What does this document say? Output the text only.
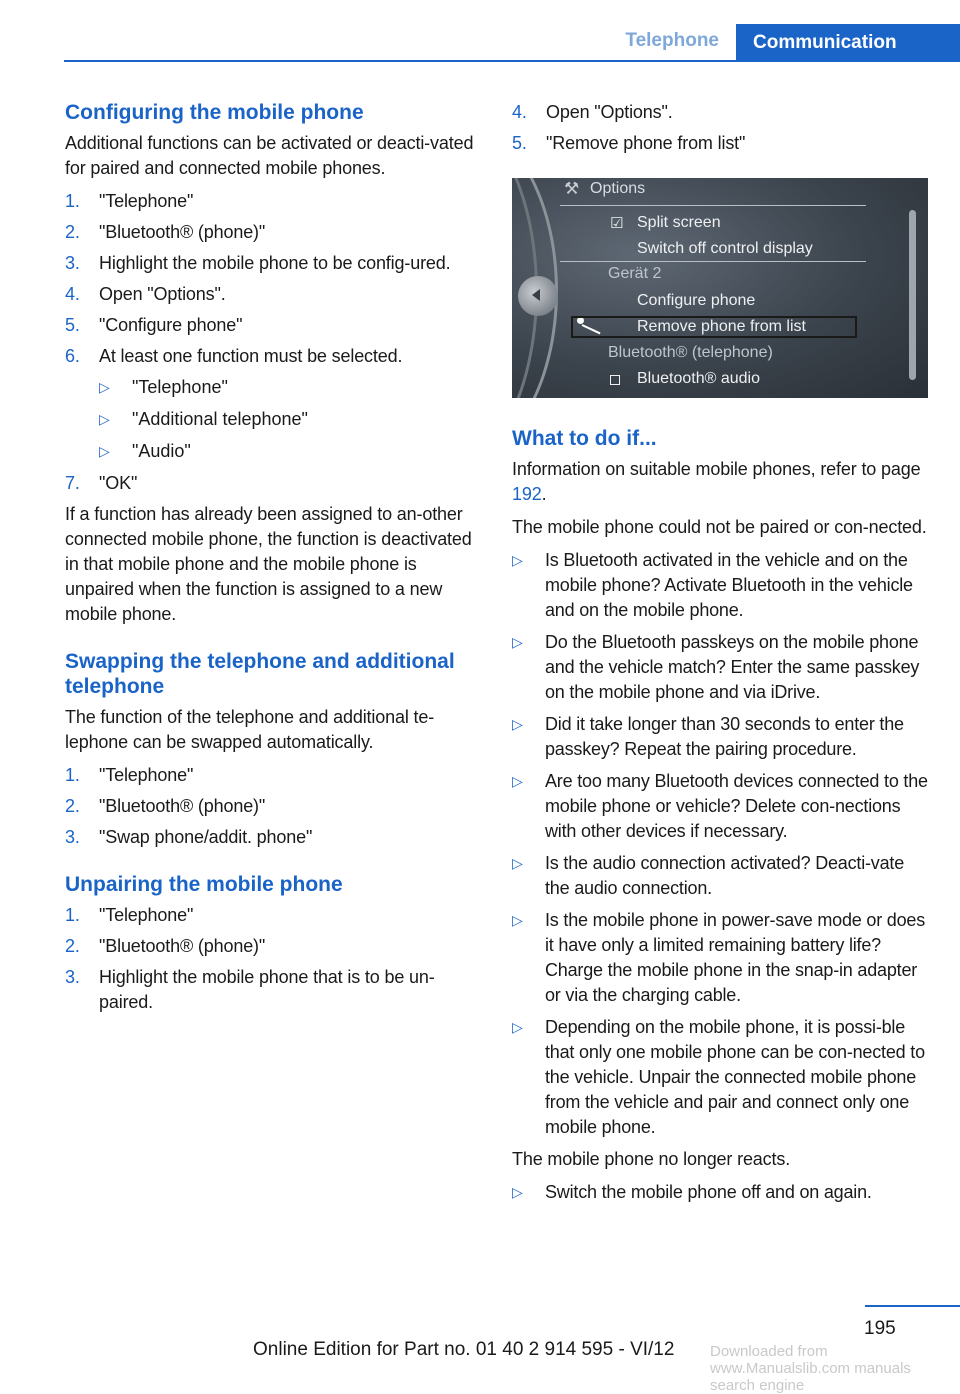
Telephone	Communication
Configuring the mobile phone

Additional functions can be activated or deacti‐vated for paired and connected mobile phones.

1.	"Telephone"
2.	"Bluetooth® (phone)"
3.	Highlight the mobile phone to be config‐ured.
4.	Open "Options".
5.	"Configure phone"
6.	At least one function must be selected.
▷	"Telephone"
▷	"Additional telephone"
▷	"Audio"
7.	"OK"

If a function has already been assigned to an‐other connected mobile phone, the function is deactivated in that mobile phone and the mobile phone is unpaired when the function is assigned to a new mobile phone.

Swapping the telephone and additional telephone

The function of the telephone and additional te‐lephone can be swapped automatically.

1.	"Telephone"
2.	"Bluetooth® (phone)"
3.	"Swap phone/addit. phone"
Unpairing the mobile phone
1.	"Telephone"
2.	"Bluetooth® (phone)"
3.	Highlight the mobile phone that is to be un‐paired.
4.	Open "Options".
5.	"Remove phone from list"
⚒ Options
☑ Split screen
Switch off control display
Gerät 2
Configure phone
Remove phone from list
Bluetooth® (telephone)
Bluetooth® audio
What to do if...

Information on suitable mobile phones, refer to page 192.

The mobile phone could not be paired or con‐nected.

▷	Is Bluetooth activated in the vehicle and on the mobile phone? Activate Bluetooth in the vehicle and on the mobile phone.
▷	Do the Bluetooth passkeys on the mobile phone and the vehicle match? Enter the same passkey on the mobile phone and via iDrive.
▷	Did it take longer than 30 seconds to enter the passkey? Repeat the pairing procedure.
▷	Are too many Bluetooth devices connected to the mobile phone or vehicle? Delete con‐nections with other devices if necessary.
▷	Is the audio connection activated? Deacti‐vate the audio connection.
▷	Is the mobile phone in power-save mode or does it have only a limited remaining battery life? Charge the mobile phone in the snap-in adapter or via the charging cable.
▷	Depending on the mobile phone, it is possi‐ble that only one mobile phone can be con‐nected to the vehicle. Unpair the connected mobile phone from the vehicle and pair and connect only one mobile phone.

The mobile phone no longer reacts.

▷	Switch the mobile phone off and on again.
195
Online Edition for Part no. 01 40 2 914 595 - VI/12 Downloaded from www.Manualslib.com manuals search engine
